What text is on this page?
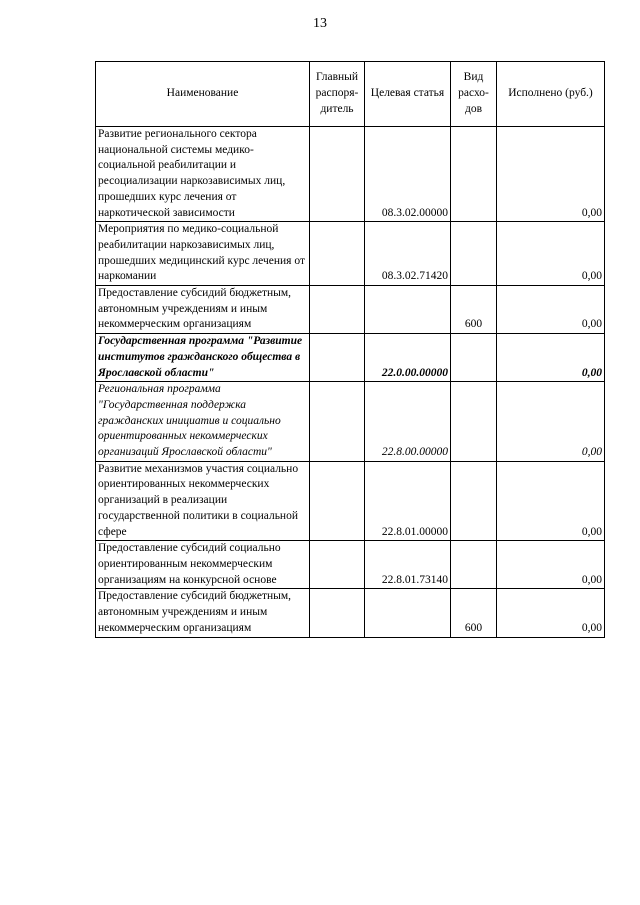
13
Наименование	Главный распоря-дитель	Целевая статья	Вид расхо-дов	Исполнено (руб.)
Развитие регионального сектора национальной системы медико-социальной реабилитации и ресоциализации наркозависимых лиц, прошедших курс лечения от наркотической зависимости		08.3.02.00000		0,00
Мероприятия по медико-социальной реабилитации наркозависимых лиц, прошедших медицинский курс лечения от наркомании		08.3.02.71420		0,00
Предоставление субсидий бюджетным, автономным учреждениям и иным некоммерческим организациям			600	0,00
Государственная программа "Развитие институтов гражданского общества в Ярославской области"		22.0.00.00000		0,00
Региональная программа "Государственная поддержка гражданских инициатив и социально ориентированных некоммерческих организаций Ярославской области"		22.8.00.00000		0,00
Развитие механизмов участия социально ориентированных некоммерческих организаций в реализации государственной политики в социальной сфере		22.8.01.00000		0,00
Предоставление субсидий социально ориентированным некоммерческим организациям на конкурсной основе		22.8.01.73140		0,00
Предоставление субсидий бюджетным, автономным учреждениям и иным некоммерческим организациям			600	0,00
